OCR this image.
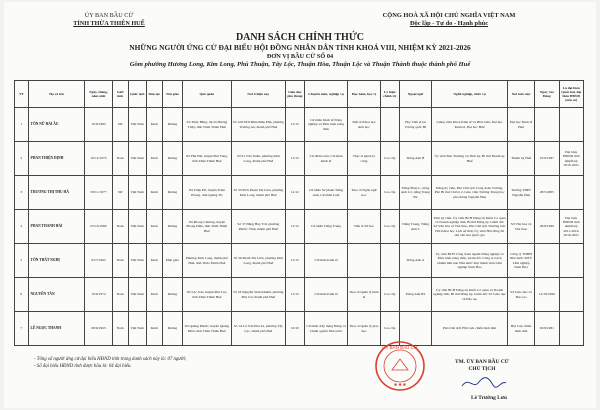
ỦY BAN BẦU CỬ
TỈNH THỪA THIÊN HUẾ
CỘNG HOÀ XÃ HỘI CHỦ NGHĨA VIỆT NAM
Độc lập - Tự do - Hạnh phúc
DANH SÁCH CHÍNH THỨC
NHỮNG NGƯỜI ỨNG CỬ ĐẠI BIỂU HỘI ĐỒNG NHÂN DÂN TỈNH KHOÁ VIII, NHIỆM KỲ 2021-2026
ĐƠN VỊ BẦU CỬ SỐ 04
Gồm phường Hương Long, Kim Long, Phú Thuận, Tây Lộc, Thuận Hòa, Thuận Lộc và Thuận Thành thuộc thành phố Huế
TT	Họ và tên	Ngày, tháng, năm sinh	Giới tính	Quốc tịch	Dân tộc	Tôn giáo	Quê quán	Nơi ở hiện nay	Giáo dục phổ thông	Chuyên môn, nghiệp vụ	Học hàm, học vị	Lý luận chính trị	Ngoại ngữ	Nghề nghiệp, chức vụ	Nơi làm việc	Ngày vào Đảng	Là đại biểu Quốc hội, đại biểu HĐND (nếu có)
1	TÔN NỮ HẢI ÂU	16/9/1983	Nữ	Việt Nam	Kinh	Không	Xã Thủy Bằng, thị xã Hương Thủy, tỉnh Thừa Thiên Huế	Số 120/18/8 Điện Biên Phủ, phường Trường An, thành phố Huế	12/12	Cử nhân Kinh tế Nông nghiệp và Phát triển nông thôn	Tiến sĩ Khoa học sinh học		Học Tiến sĩ tại Vương quốc Bỉ	Giảng viên Khoa Kinh tế và Phát triển, Đại học Kinh tế, Đại học Huế	Đại học Kinh tế Huế		
2	PHAN THIỆN ĐỊNH	10/12/1975	Nam	Việt Nam	Kinh	Không	Xã Phú Hải, huyện Phú Vang, tỉnh Thừa Thiên Huế	Số 91 Văn Xuân, phường Kim Long, thành phố Huế	12/12	Cử nhân Luật, Cử nhân Kinh tế	Thạc sĩ Quản lý công	Cao cấp	Tiếng Anh B	Ủy viên Ban Thường vụ Tỉnh ủy, Bí thư Thành ủy Huế	Thành ủy Huế	25/9/1997	Đại biểu HĐND tỉnh nhiệm kỳ 2016-2021
3	TRƯƠNG THỊ THU HÀ	03/11/1977	Nữ	Việt Nam	Kinh	Không	Xã Triệu Đô, huyện Triệu Phong, tỉnh Quảng Trị	Số 35/20/6 Phạm Thị Liên, phường Kim Long, thành phố Huế	12/12	Cử nhân Sư phạm Tiếng Anh, Cử nhân Luật	Thạc sĩ Ngôn ngữ học	Cao cấp	Tiếng Pháp C, tiếng Anh C2, tiếng Trung B2	Đảng ủy viên, Phó Chủ tịch Công đoàn Trường, Phó Bí thư Chi bộ 2, Giáo viên Trường Trung học phổ thông Nguyễn Huệ	Trường THPT Nguyễn Huệ	28/5/2005	
4	PHAN THANH HẢI	05/10/1969	Nam	Việt Nam	Kinh	Không	Xã Phong Chương, huyện Phong Điền, tỉnh Thừa Thiên Huế	Số 37 Đặng Huy Trứ, phường Phước Vĩnh, thành phố Huế	12/12	Cử nhân Tiếng Trung	Tiến sĩ Sử học	Cao cấp	Tiếng Trung, Tiếng Anh C	Tỉnh ủy viên, Ủy viên BCH Đảng bộ Khối Cơ quan và Doanh nghiệp tỉnh, Bí thư Đảng ủy, Giám đốc Sở Văn hóa và Thể thao, Phó Chủ tịch Thường trực Hội Khoa học Lịch sử tỉnh; Ủy viên Hội đồng Di sản văn hóa Quốc gia	Sở Văn hóa và Thể thao	28/8/1999	Đại biểu HĐND tỉnh nhiệm kỳ 2011-2016, 2016-2021
5	TÔN THẤT NGHỊ	03/7/1965	Nam	Việt Nam	Kinh	Phật giáo	Phường Kim Long, thành phố Huế, tỉnh Thừa Thiên Huế	Số 36 Phạm Thị Liên, phường Kim Long, thành phố Huế	12/12	Cử nhân Kinh tế			Tiếng Anh A	Ủy viên BCH Công đoàn ngành Nông nghiệp và Phát triển nông thôn, Giám đốc Công ty trách nhiệm hữu hạn Nhà nước một thành viên Lâm nghiệp Nam Hòa	Công ty TNHH Nhà nước MTV Lâm nghiệp Nam Hòa		
6	NGUYỄN TÂN	19/9/1974	Nam	Việt Nam	Kinh	Không	Xã Lộc Sơn, huyện Phú Lộc, tỉnh Thừa Thiên Huế	Số 18 Nguyễn Sinh Khiêm, phường Phú Cát, thành phố Huế	12/12	Cử nhân Kinh tế	Thạc sĩ Quản lý kinh tế	Cao cấp	Tiếng Anh B2	Ủy viên BCH Đảng bộ Khối Cơ quan và Doanh nghiệp tỉnh, Bí thư Đảng ủy, Giám đốc Sở Giáo dục và Đào tạo	Sở Giáo dục và Đào tạo	14/10/1999	
7	LÊ NGỌC THANH	08/6/1963	Nam	Việt Nam	Kinh	Không	Xã Quảng Phước, huyện Quảng Điền, tỉnh Thừa Thiên Huế	Số 1A Lê Sơn Phu Tá, phường Tây Lộc, thành phố Huế	10/10	Cử nhân Xây dựng Đảng và Chính quyền Nhà nước	Thạc sĩ Quản lý giáo dục	Cao cấp		Phó Chủ tịch Hội Cựu chiến binh tỉnh	Hội Cựu chiến binh tỉnh	02/9/1981	
- Tổng số người ứng cử đại biểu HĐND tỉnh trong danh sách này là: 07 người;
- Số đại biểu HĐND tỉnh được bầu là: 04 đại biểu.
ỦY BAN BẦU CỬ
✱ ✱ ✱
TM. ỦY BAN BẦU CỬ
CHỦ TỊCH
Lê Trường Lưu
